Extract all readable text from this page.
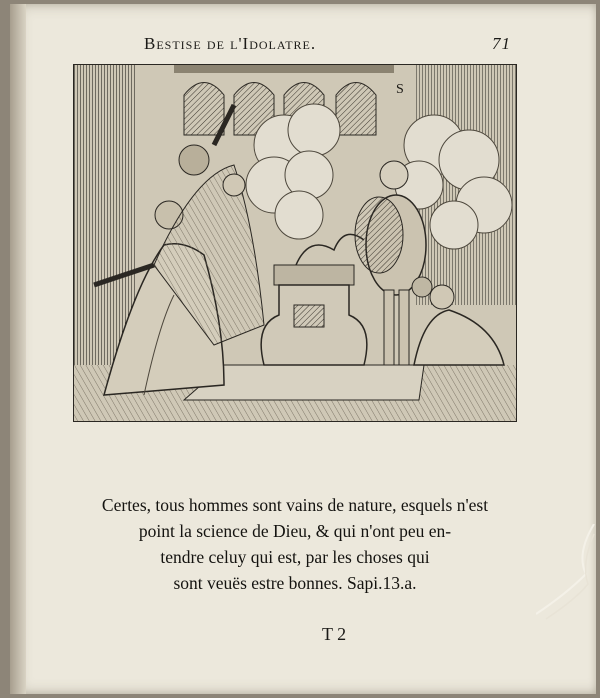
Bestise de l'Idolatre.	71
S
Certes, tous hommes sont vains de nature, esquels n'est
point la science de Dieu, & qui n'ont peu en-
tendre celuy qui est, par les choses qui
sont veuës estre bonnes. Sapi.13.a.
T 2
